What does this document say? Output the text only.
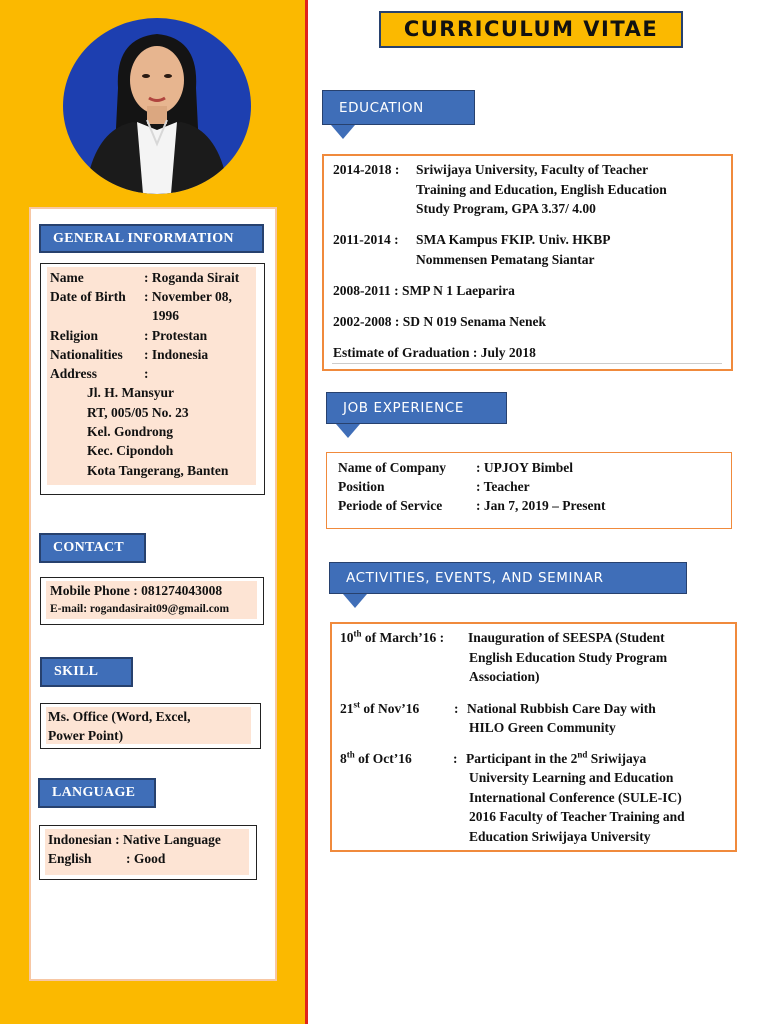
GENERAL INFORMATION
Name	: Roganda Sirait
Date of Birth : November 08,
1996
Religion	: Protestan
Nationalities : Indonesia
Address	:
Jl. H. Mansyur
RT, 005/05 No. 23
Kel. Gondrong
Kec. Cipondoh
Kota Tangerang, Banten
CONTACT
Mobile Phone : 081274043008
E-mail: rogandasirait09@gmail.com
SKILL
Ms. Office (Word, Excel,
Power Point)
LANGUAGE
Indonesian : Native Language
English	: Good
CURRICULUM VITAE
EDUCATION
2014-2018 : Sriwijaya University, Faculty of Teacher
Training and Education, English Education
Study Program, GPA 3.37/ 4.00
2011-2014 : SMA Kampus FKIP. Univ. HKBP
Nommensen Pematang Siantar
2008-2011 : SMP N 1 Laeparira
2002-2008 : SD N 019 Senama Nenek
Estimate of Graduation : July 2018
JOB EXPERIENCE
Name of Company : UPJOY Bimbel
Position	: Teacher
Periode of Service	: Jan 7, 2019 – Present
ACTIVITIES, EVENTS, AND SEMINAR
10th of March’16 : Inauguration of SEESPA (Student
English Education Study Program
Association)
21st of Nov’16	: National Rubbish Care Day with
HILO Green Community
8th of Oct’16	: Participant in the 2nd Sriwijaya
University Learning and Education
International Conference (SULE-IC)
2016 Faculty of Teacher Training and
Education Sriwijaya University
